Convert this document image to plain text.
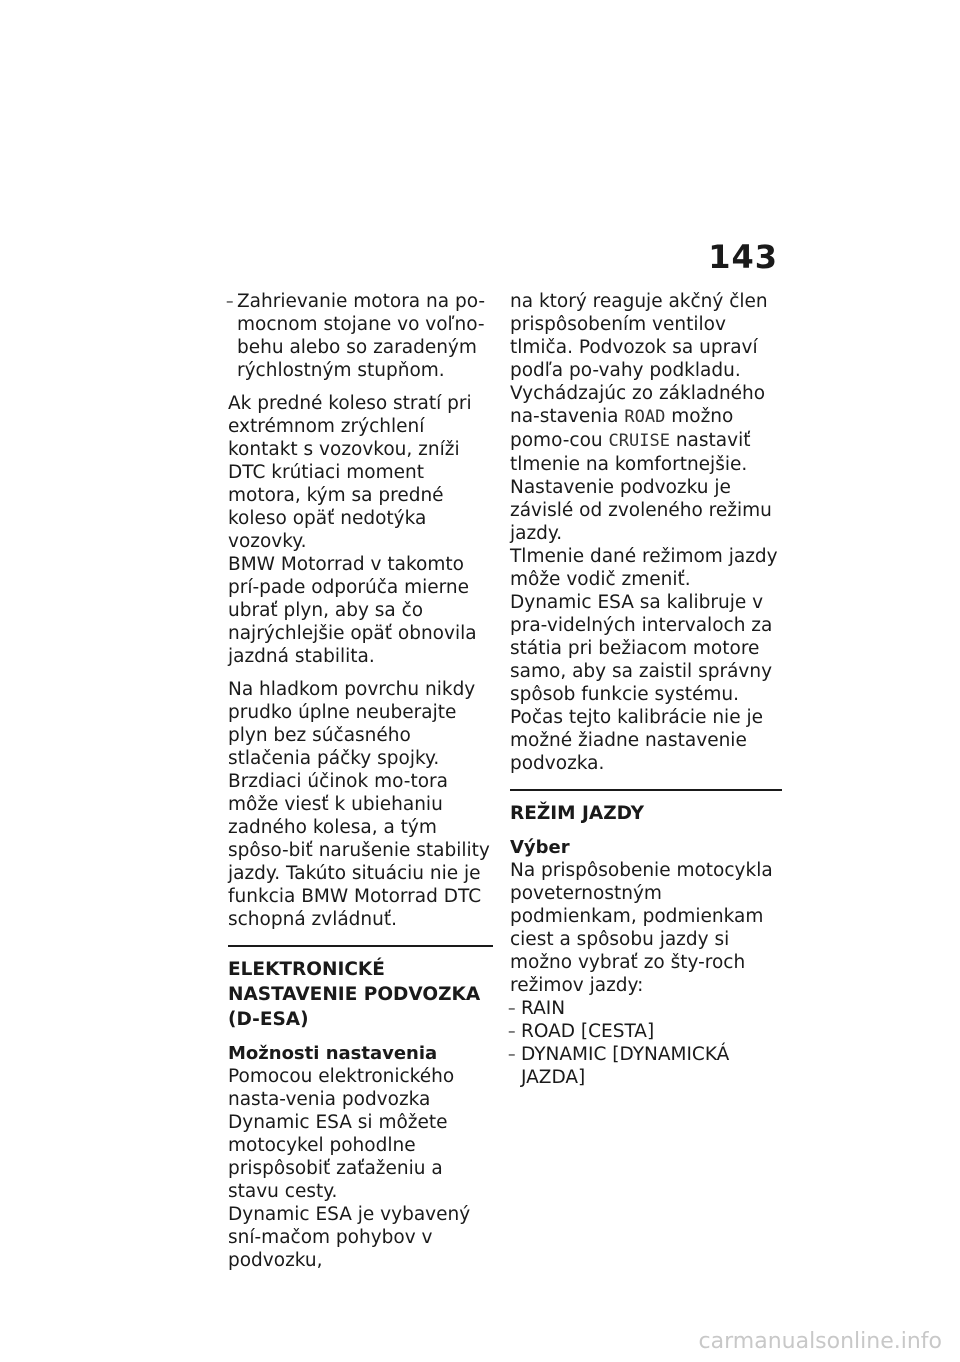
143

– Zahrievanie motora na po-mocnom stojane vo voľno-behu alebo so zaradeným rýchlostným stupňom.

Ak predné koleso stratí pri extrémnom zrýchlení kontakt s vozovkou, zníži DTC krútiaci moment motora, kým sa predné koleso opäť nedotýka vozovky.

BMW Motorrad v takomto prí-pade odporúča mierne ubrať plyn, aby sa čo najrýchlejšie opäť obnovila jazdná stabilita.

Na hladkom povrchu nikdy prudko úplne neuberajte plyn bez súčasného stlačenia páčky spojky. Brzdiaci účinok mo-tora môže viesť k ubiehaniu zadného kolesa, a tým spôso-biť narušenie stability jazdy. Takúto situáciu nie je funkcia BMW Motorrad DTC schopná zvládnuť.

ELEKTRONICKÉ NASTAVENIE PODVOZKA (D-ESA)
Možnosti nastavenia

Pomocou elektronického nasta-venia podvozka Dynamic ESA si môžete motocykel pohodlne prispôsobiť zaťaženiu a stavu cesty.

Dynamic ESA je vybavený sní-mačom pohybov v podvozku,

na ktorý reaguje akčný člen prispôsobením ventilov tlmiča. Podvozok sa upraví podľa po-vahy podkladu.

Vychádzajúc zo základného na-stavenia ROAD možno pomo-cou CRUISE nastaviť tlmenie na komfortnejšie.

Nastavenie podvozku je závislé od zvoleného režimu jazdy.

Tlmenie dané režimom jazdy môže vodič zmeniť.

Dynamic ESA sa kalibruje v pra-videlných intervaloch za státia pri bežiacom motore samo, aby sa zaistil správny spôsob funkcie systému. Počas tejto kalibrácie nie je možné žiadne nastavenie podvozka.

REŽIM JAZDY
Výber

Na prispôsobenie motocykla poveternostným podmienkam, podmienkam ciest a spôsobu jazdy si možno vybrať zo šty-roch režimov jazdy:

– RAIN

– ROAD [CESTA]

– DYNAMIC [DYNAMICKÁ JAZDA]

carmanualsonline.info
